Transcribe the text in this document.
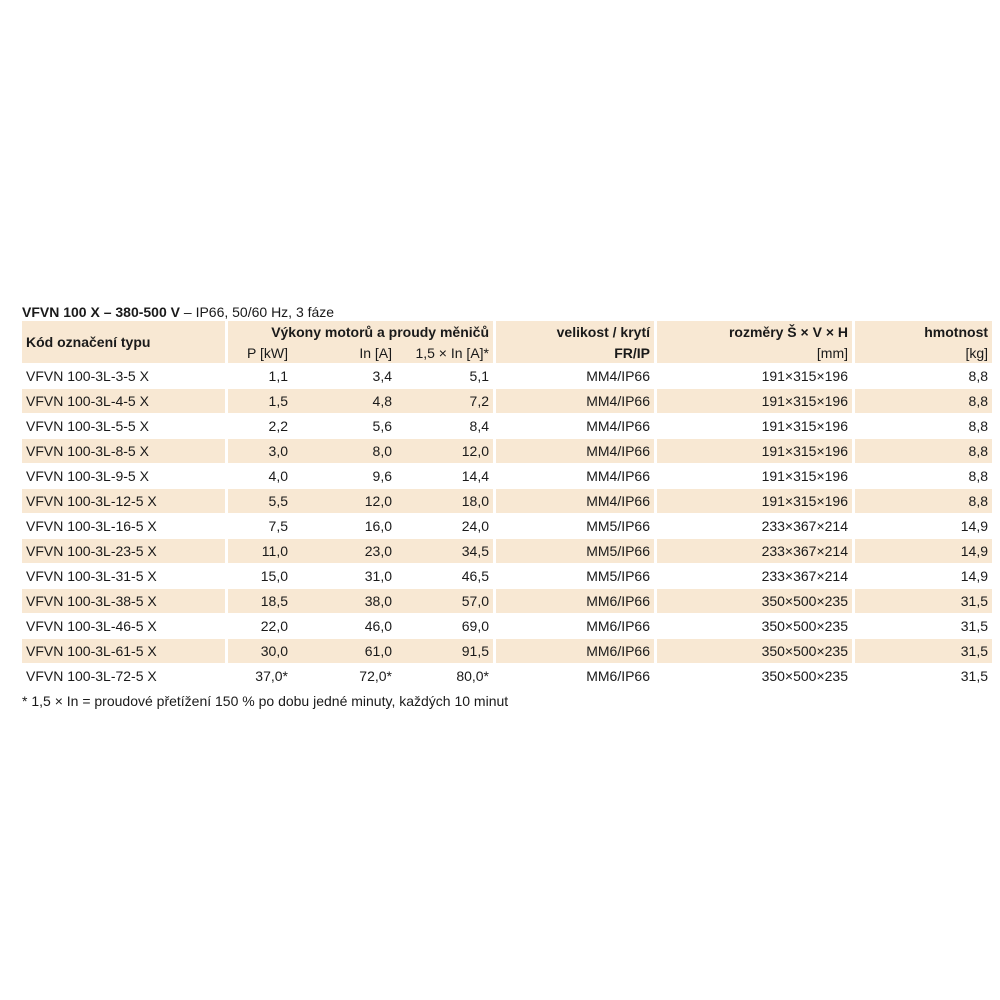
VFVN 100 X – 380-500 V – IP66, 50/60 Hz, 3 fáze
Kód označení typu	Výkony motorů a proudy měničů			velikost / krytí	rozměry Š × V × H	hmotnost
	P [kW]	In [A]	1,5 × In [A]*	FR/IP	[mm]	[kg]
VFVN 100-3L-3-5 X	1,1	3,4	5,1	MM4/IP66	191×315×196	8,8
VFVN 100-3L-4-5 X	1,5	4,8	7,2	MM4/IP66	191×315×196	8,8
VFVN 100-3L-5-5 X	2,2	5,6	8,4	MM4/IP66	191×315×196	8,8
VFVN 100-3L-8-5 X	3,0	8,0	12,0	MM4/IP66	191×315×196	8,8
VFVN 100-3L-9-5 X	4,0	9,6	14,4	MM4/IP66	191×315×196	8,8
VFVN 100-3L-12-5 X	5,5	12,0	18,0	MM4/IP66	191×315×196	8,8
VFVN 100-3L-16-5 X	7,5	16,0	24,0	MM5/IP66	233×367×214	14,9
VFVN 100-3L-23-5 X	11,0	23,0	34,5	MM5/IP66	233×367×214	14,9
VFVN 100-3L-31-5 X	15,0	31,0	46,5	MM5/IP66	233×367×214	14,9
VFVN 100-3L-38-5 X	18,5	38,0	57,0	MM6/IP66	350×500×235	31,5
VFVN 100-3L-46-5 X	22,0	46,0	69,0	MM6/IP66	350×500×235	31,5
VFVN 100-3L-61-5 X	30,0	61,0	91,5	MM6/IP66	350×500×235	31,5
VFVN 100-3L-72-5 X	37,0*	72,0*	80,0*	MM6/IP66	350×500×235	31,5
* 1,5 × In = proudové přetížení 150 % po dobu jedné minuty, každých 10 minut
